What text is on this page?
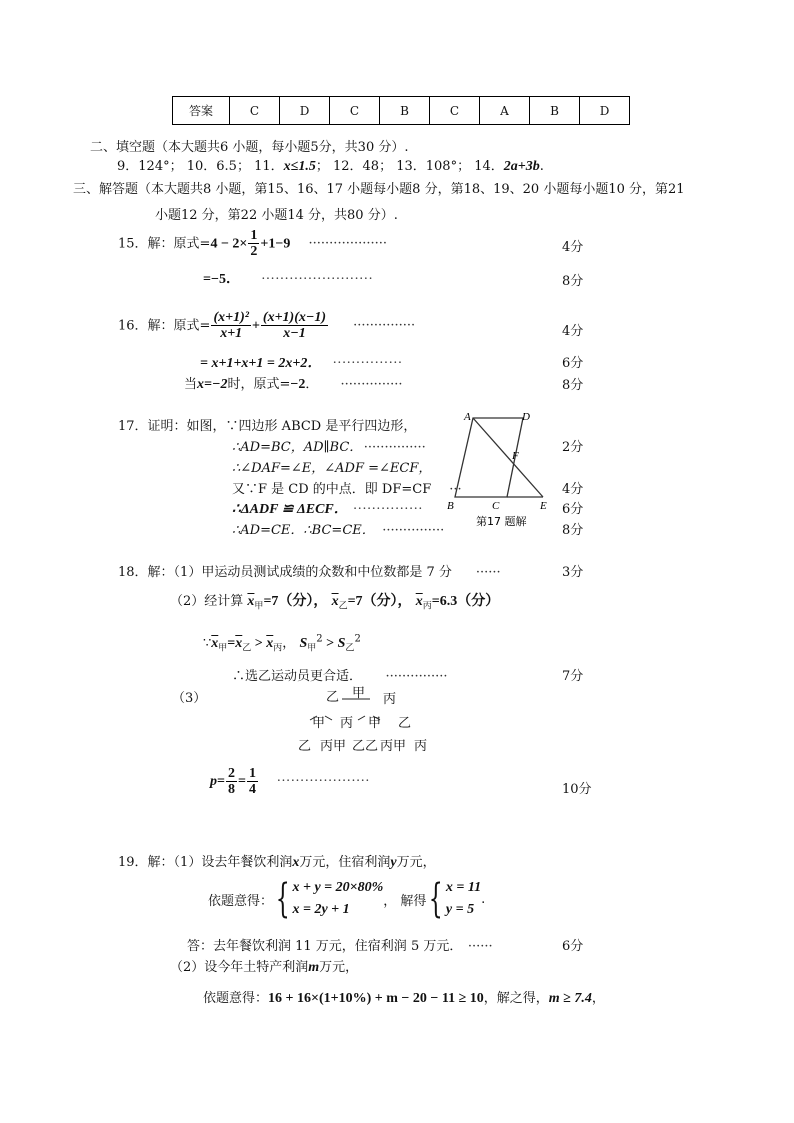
答案	C	D	C	B	C	A	B	D
二、填空题（本大题共6 小题，每小题5分，共30 分）.
9．124°； 10．6.5； 11．x≤1.5； 12．48； 13．108°； 14．2a+3b.
三、解答题（本大题共8 小题，第15、16、17 小题每小题8 分，第18、19、20 小题每小题10 分，第21
小题12 分，第22 小题14 分，共80 分）.
15．解：原式$=4 - 2\times \frac{1}{2} +1-9$ ···················	4分
=−5． ························	8分
16．解：原式= $\frac{\text{(x+1)²}}{x+1} + \frac{(x+1)(x-1)}{x-1}$ ···············	4分
= x+1+x+1 = 2x+2． ···············	6分
当x=−2时，原式=−2． ···············	8分
17．证明：如图，∵四边形 ABCD 是平行四边形，
∴AD=BC，AD∥BC． ···············	2分
∴∠DAF=∠E，∠ADF =∠ECF，
又∵F 是 CD 的中点．即 DF=CF ···	4分
∴ΔADF ≌ ΔECF． ···············	6分
∴AD=CE．∴BC=CE． ···············	8分
A	D
F
B	C	E
第17 题解
18．解：（1）甲运动员测试成绩的众数和中位数都是 7 分 ······	3分
（2）经计算 $\overline{x}_甲=7$（分）， $\overline{x}_乙=7$（分）， $\overline{x}_丙=6.3$（分）
$\because\overline{x}_甲=\overline{x}_乙 > \overline{x}_丙$， $S_甲^2 > S_乙^2$
∴选乙运动员更合适． ···············	7分
（3）	乙 甲 丙
甲 丙 甲 乙
乙 丙甲 乙乙 丙甲 丙
$p= \frac{2}{8} = \frac{1}{4}$ ····················
10分
19．解：（1）设去年餐饮利润x万元，住宿利润y万元，
依题意得：{ x + y = 20×80%
x = 2y + 1
， 解得{ x = 11
y = 5
.
答：去年餐饮利润 11 万元，住宿利润 5 万元． ······	6分
（2）设今年土特产利润m万元，
依题意得：16 + 16×(1+10%) + m − 20 − 11 ≥ 10，解之得，m ≥ 7.4，
